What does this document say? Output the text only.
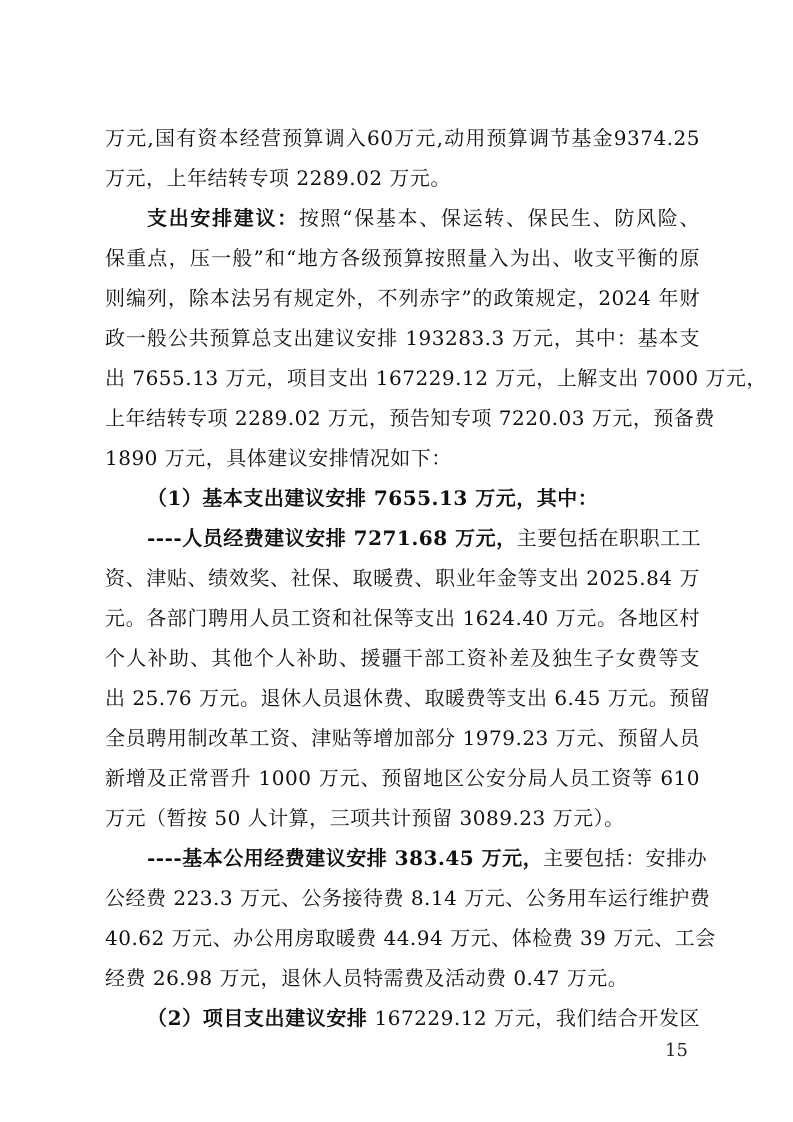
万元,国有资本经营预算调入60万元,动用预算调节基金9374.25
万元，上年结转专项 2289.02 万元。
支出安排建议：按照“保基本、保运转、保民生、防风险、
保重点，压一般”和“地方各级预算按照量入为出、收支平衡的原
则编列，除本法另有规定外，不列赤字”的政策规定，2024 年财
政一般公共预算总支出建议安排 193283.3 万元，其中：基本支
出 7655.13 万元，项目支出 167229.12 万元，上解支出 7000 万元，
上年结转专项 2289.02 万元，预告知专项 7220.03 万元，预备费
1890 万元，具体建议安排情况如下：
（1）基本支出建议安排 7655.13 万元，其中：
----人员经费建议安排 7271.68 万元，主要包括在职职工工
资、津贴、绩效奖、社保、取暖费、职业年金等支出 2025.84 万
元。各部门聘用人员工资和社保等支出 1624.40 万元。各地区村
个人补助、其他个人补助、援疆干部工资补差及独生子女费等支
出 25.76 万元。退休人员退休费、取暖费等支出 6.45 万元。预留
全员聘用制改革工资、津贴等增加部分 1979.23 万元、预留人员
新增及正常晋升 1000 万元、预留地区公安分局人员工资等 610
万元（暂按 50 人计算，三项共计预留 3089.23 万元）。
----基本公用经费建议安排 383.45 万元，主要包括：安排办
公经费 223.3 万元、公务接待费 8.14 万元、公务用车运行维护费
40.62 万元、办公用房取暖费 44.94 万元、体检费 39 万元、工会
经费 26.98 万元，退休人员特需费及活动费 0.47 万元。
（2）项目支出建议安排 167229.12 万元，我们结合开发区
15
